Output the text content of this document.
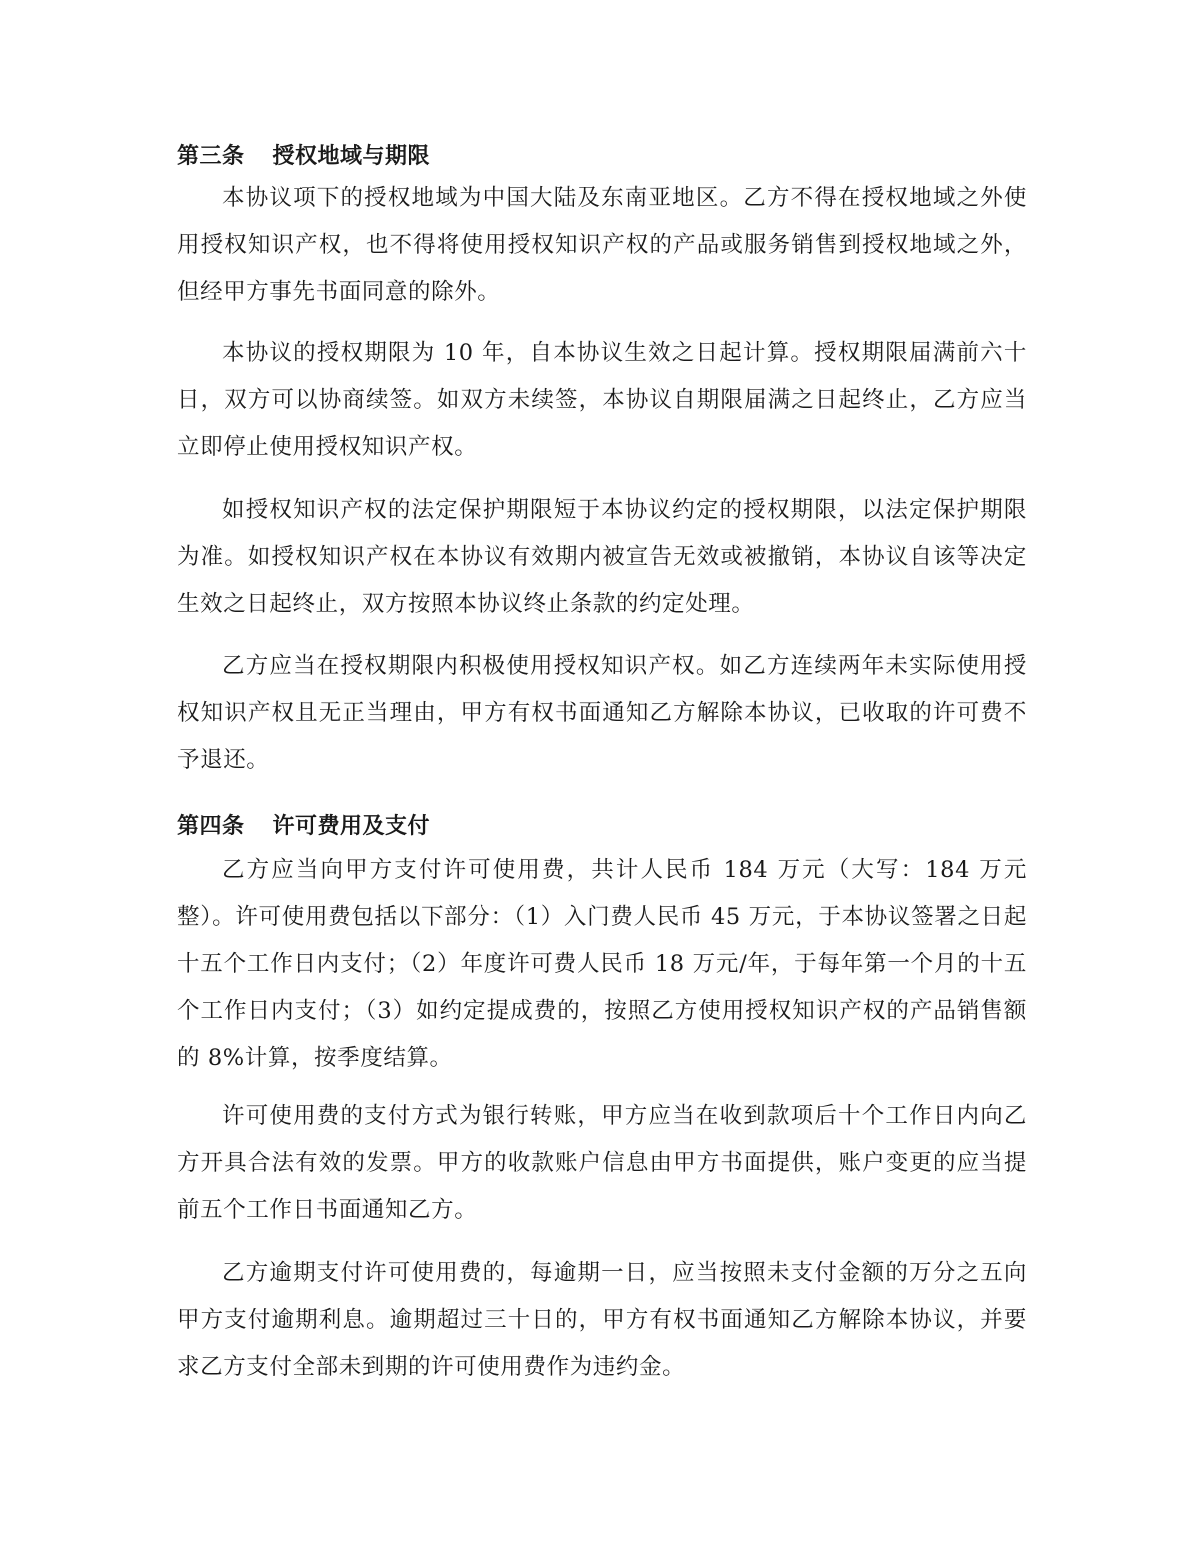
第三条 授权地域与期限

本协议项下的授权地域为中国大陆及东南亚地区。乙方不得在授权地域之外使用授权知识产权，也不得将使用授权知识产权的产品或服务销售到授权地域之外，但经甲方事先书面同意的除外。

本协议的授权期限为 10 年，自本协议生效之日起计算。授权期限届满前六十日，双方可以协商续签。如双方未续签，本协议自期限届满之日起终止，乙方应当立即停止使用授权知识产权。

如授权知识产权的法定保护期限短于本协议约定的授权期限，以法定保护期限为准。如授权知识产权在本协议有效期内被宣告无效或被撤销，本协议自该等决定生效之日起终止，双方按照本协议终止条款的约定处理。

乙方应当在授权期限内积极使用授权知识产权。如乙方连续两年未实际使用授权知识产权且无正当理由，甲方有权书面通知乙方解除本协议，已收取的许可费不予退还。

第四条 许可费用及支付

乙方应当向甲方支付许可使用费，共计人民币 184 万元（大写：184 万元整）。许可使用费包括以下部分：（1）入门费人民币 45 万元，于本协议签署之日起十五个工作日内支付；（2）年度许可费人民币 18 万元/年，于每年第一个月的十五个工作日内支付；（3）如约定提成费的，按照乙方使用授权知识产权的产品销售额的 8%计算，按季度结算。

许可使用费的支付方式为银行转账，甲方应当在收到款项后十个工作日内向乙方开具合法有效的发票。甲方的收款账户信息由甲方书面提供，账户变更的应当提前五个工作日书面通知乙方。

乙方逾期支付许可使用费的，每逾期一日，应当按照未支付金额的万分之五向甲方支付逾期利息。逾期超过三十日的，甲方有权书面通知乙方解除本协议，并要求乙方支付全部未到期的许可使用费作为违约金。
